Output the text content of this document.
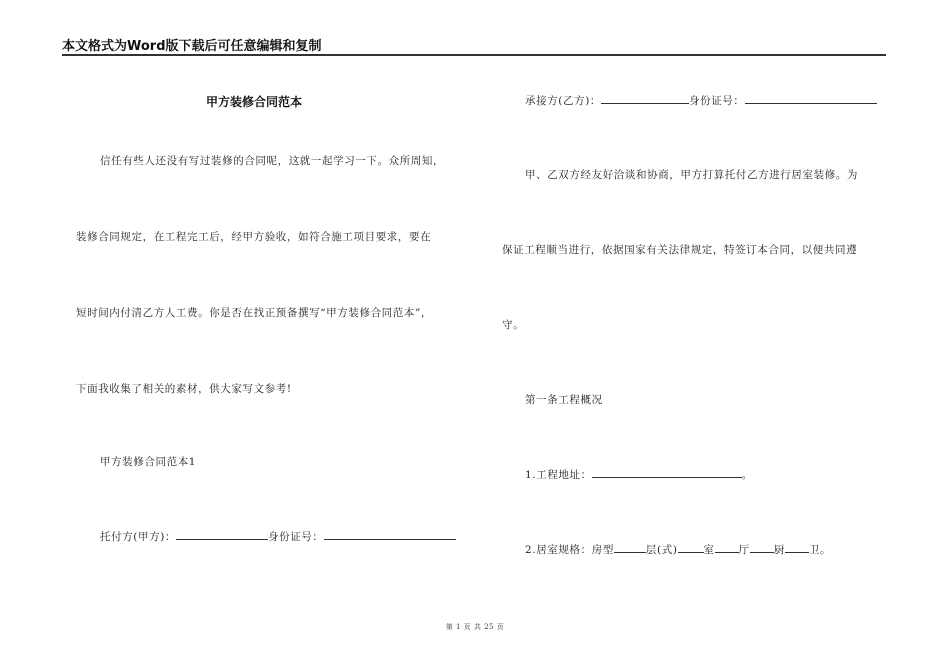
本文格式为Word版下载后可任意编辑和复制
甲方装修合同范本
信任有些人还没有写过装修的合同呢，这就一起学习一下。众所周知，
装修合同规定，在工程完工后，经甲方验收，如符合施工项目要求，要在
短时间内付清乙方人工费。你是否在找正预备撰写“甲方装修合同范本”，
下面我收集了相关的素材，供大家写文参考!
甲方装修合同范本1
托付方(甲方)：	身份证号：
承接方(乙方)：	身份证号：
甲、乙双方经友好洽谈和协商，甲方打算托付乙方进行居室装修。为
保证工程顺当进行，依据国家有关法律规定，特签订本合同，以便共同遵
守。
第一条工程概况
1.工程地址：	。
2.居室规格：房型	层(式) 室 厅 厨 卫。
第 1 页 共 25 页
